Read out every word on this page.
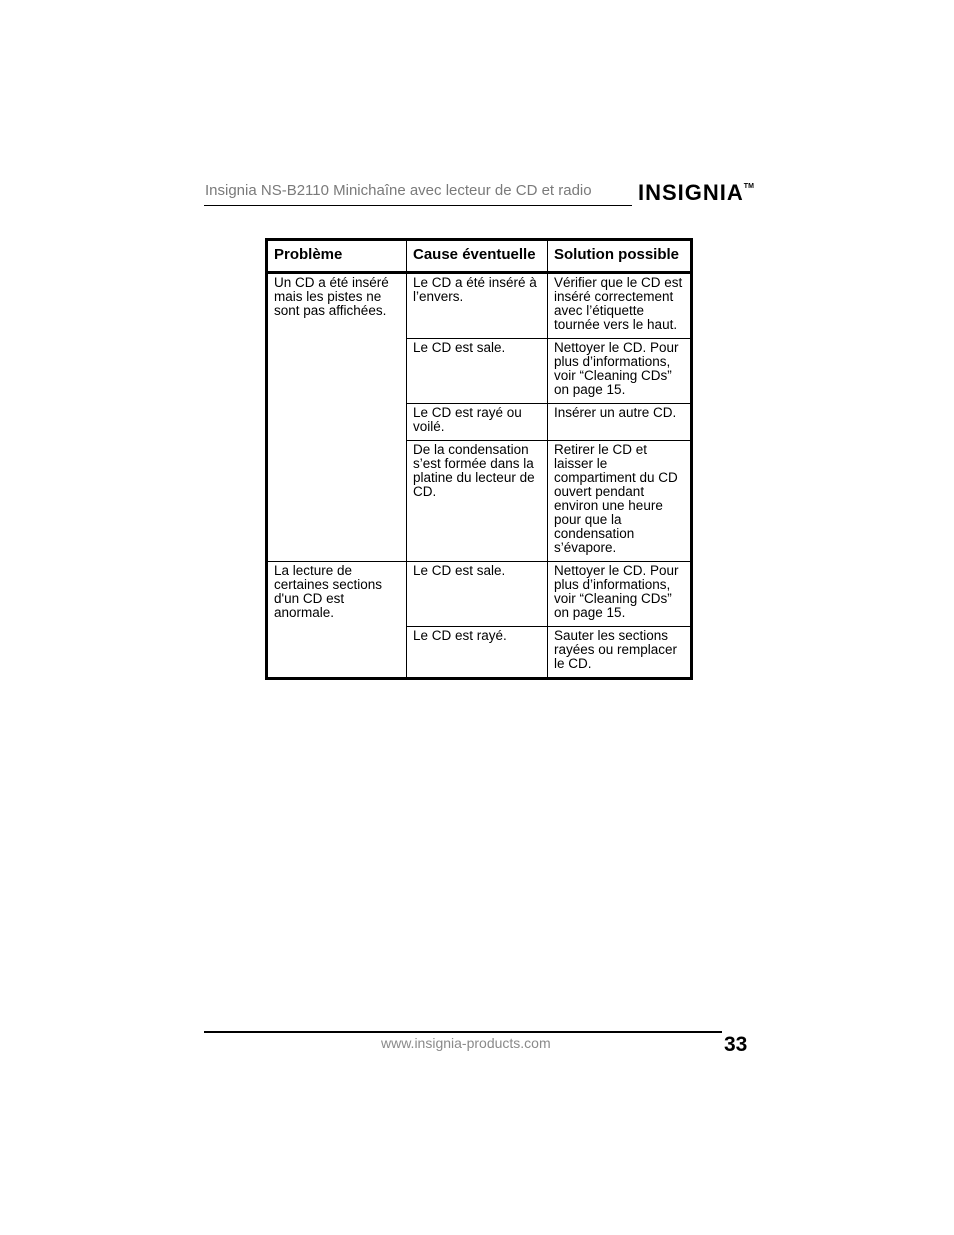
Insignia NS-B2110 Minichaîne avec lecteur de CD et radio INSIGNIA™
Problème	Cause éventuelle	Solution possible
Un CD a été inséré mais les pistes ne sont pas affichées.	Le CD a été inséré à l’envers.	Vérifier que le CD est inséré correctement avec l’étiquette tournée vers le haut.
	Le CD est sale.	Nettoyer le CD. Pour plus d’informations, voir “Cleaning CDs” on page 15.
	Le CD est rayé ou voilé.	Insérer un autre CD.
	De la condensation s’est formée dans la platine du lecteur de CD.	Retirer le CD et laisser le compartiment du CD ouvert pendant environ une heure pour que la condensation s’évapore.
La lecture de certaines sections d'un CD est anormale.	Le CD est sale.	Nettoyer le CD. Pour plus d’informations, voir “Cleaning CDs” on page 15.
	Le CD est rayé.	Sauter les sections rayées ou remplacer le CD.
www.insignia-products.com	33
